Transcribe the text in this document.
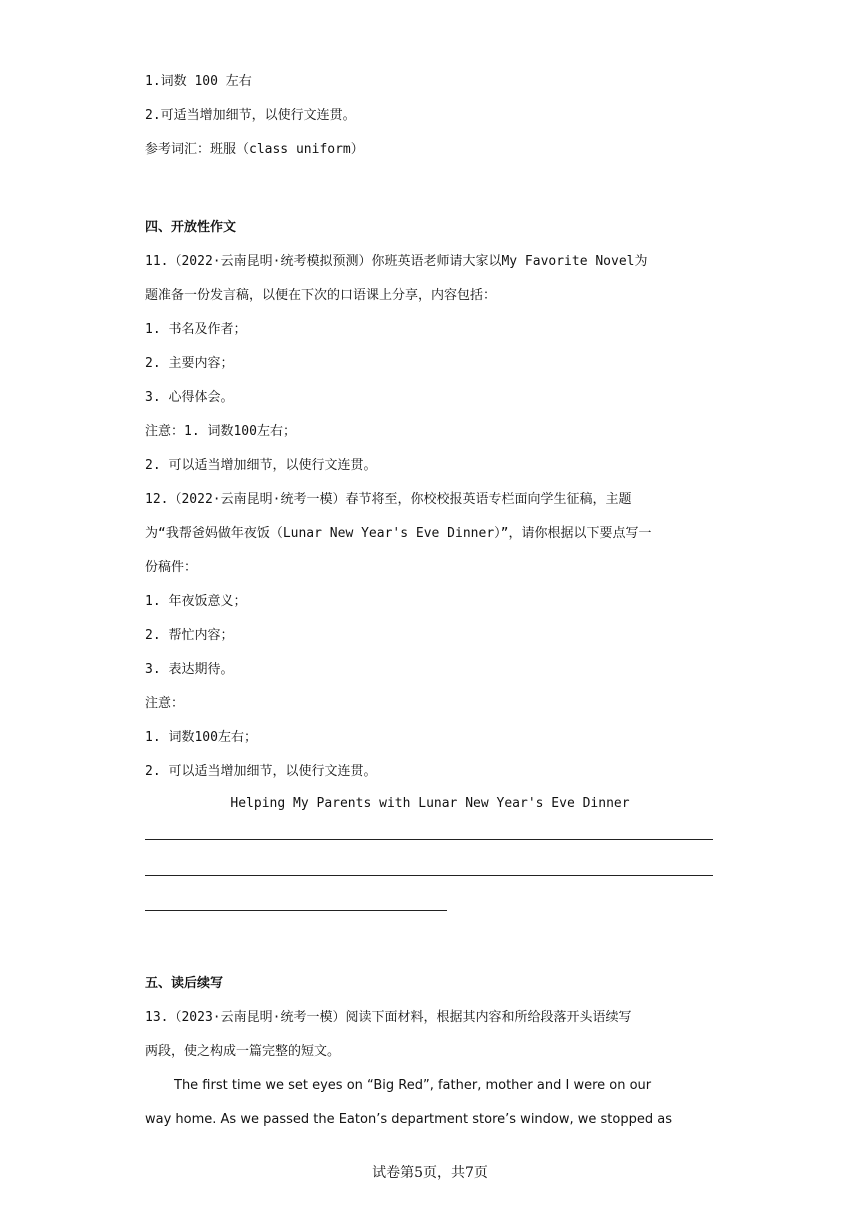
1.词数 100 左右
2.可适当增加细节，以使行文连贯。
参考词汇：班服（class uniform）
四、开放性作文
11.（2022·云南昆明·统考模拟预测）你班英语老师请大家以My Favorite Novel为
题准备一份发言稿，以便在下次的口语课上分享，内容包括：
1. 书名及作者；
2. 主要内容；
3. 心得体会。
注意：1. 词数100左右；
2. 可以适当增加细节，以使行文连贯。
12.（2022·云南昆明·统考一模）春节将至，你校校报英语专栏面向学生征稿，主题
为“我帮爸妈做年夜饭（Lunar New Year's Eve Dinner）”，请你根据以下要点写一
份稿件：
1. 年夜饭意义；
2. 帮忙内容；
3. 表达期待。
注意：
1. 词数100左右；
2. 可以适当增加细节，以使行文连贯。
Helping My Parents with Lunar New Year's Eve Dinner
五、读后续写
13.（2023·云南昆明·统考一模）阅读下面材料，根据其内容和所给段落开头语续写
两段，使之构成一篇完整的短文。
The first time we set eyes on “Big Red”, father, mother and I were on our
way home. As we passed the Eaton’s department store’s window, we stopped as
试卷第5页，共7页
